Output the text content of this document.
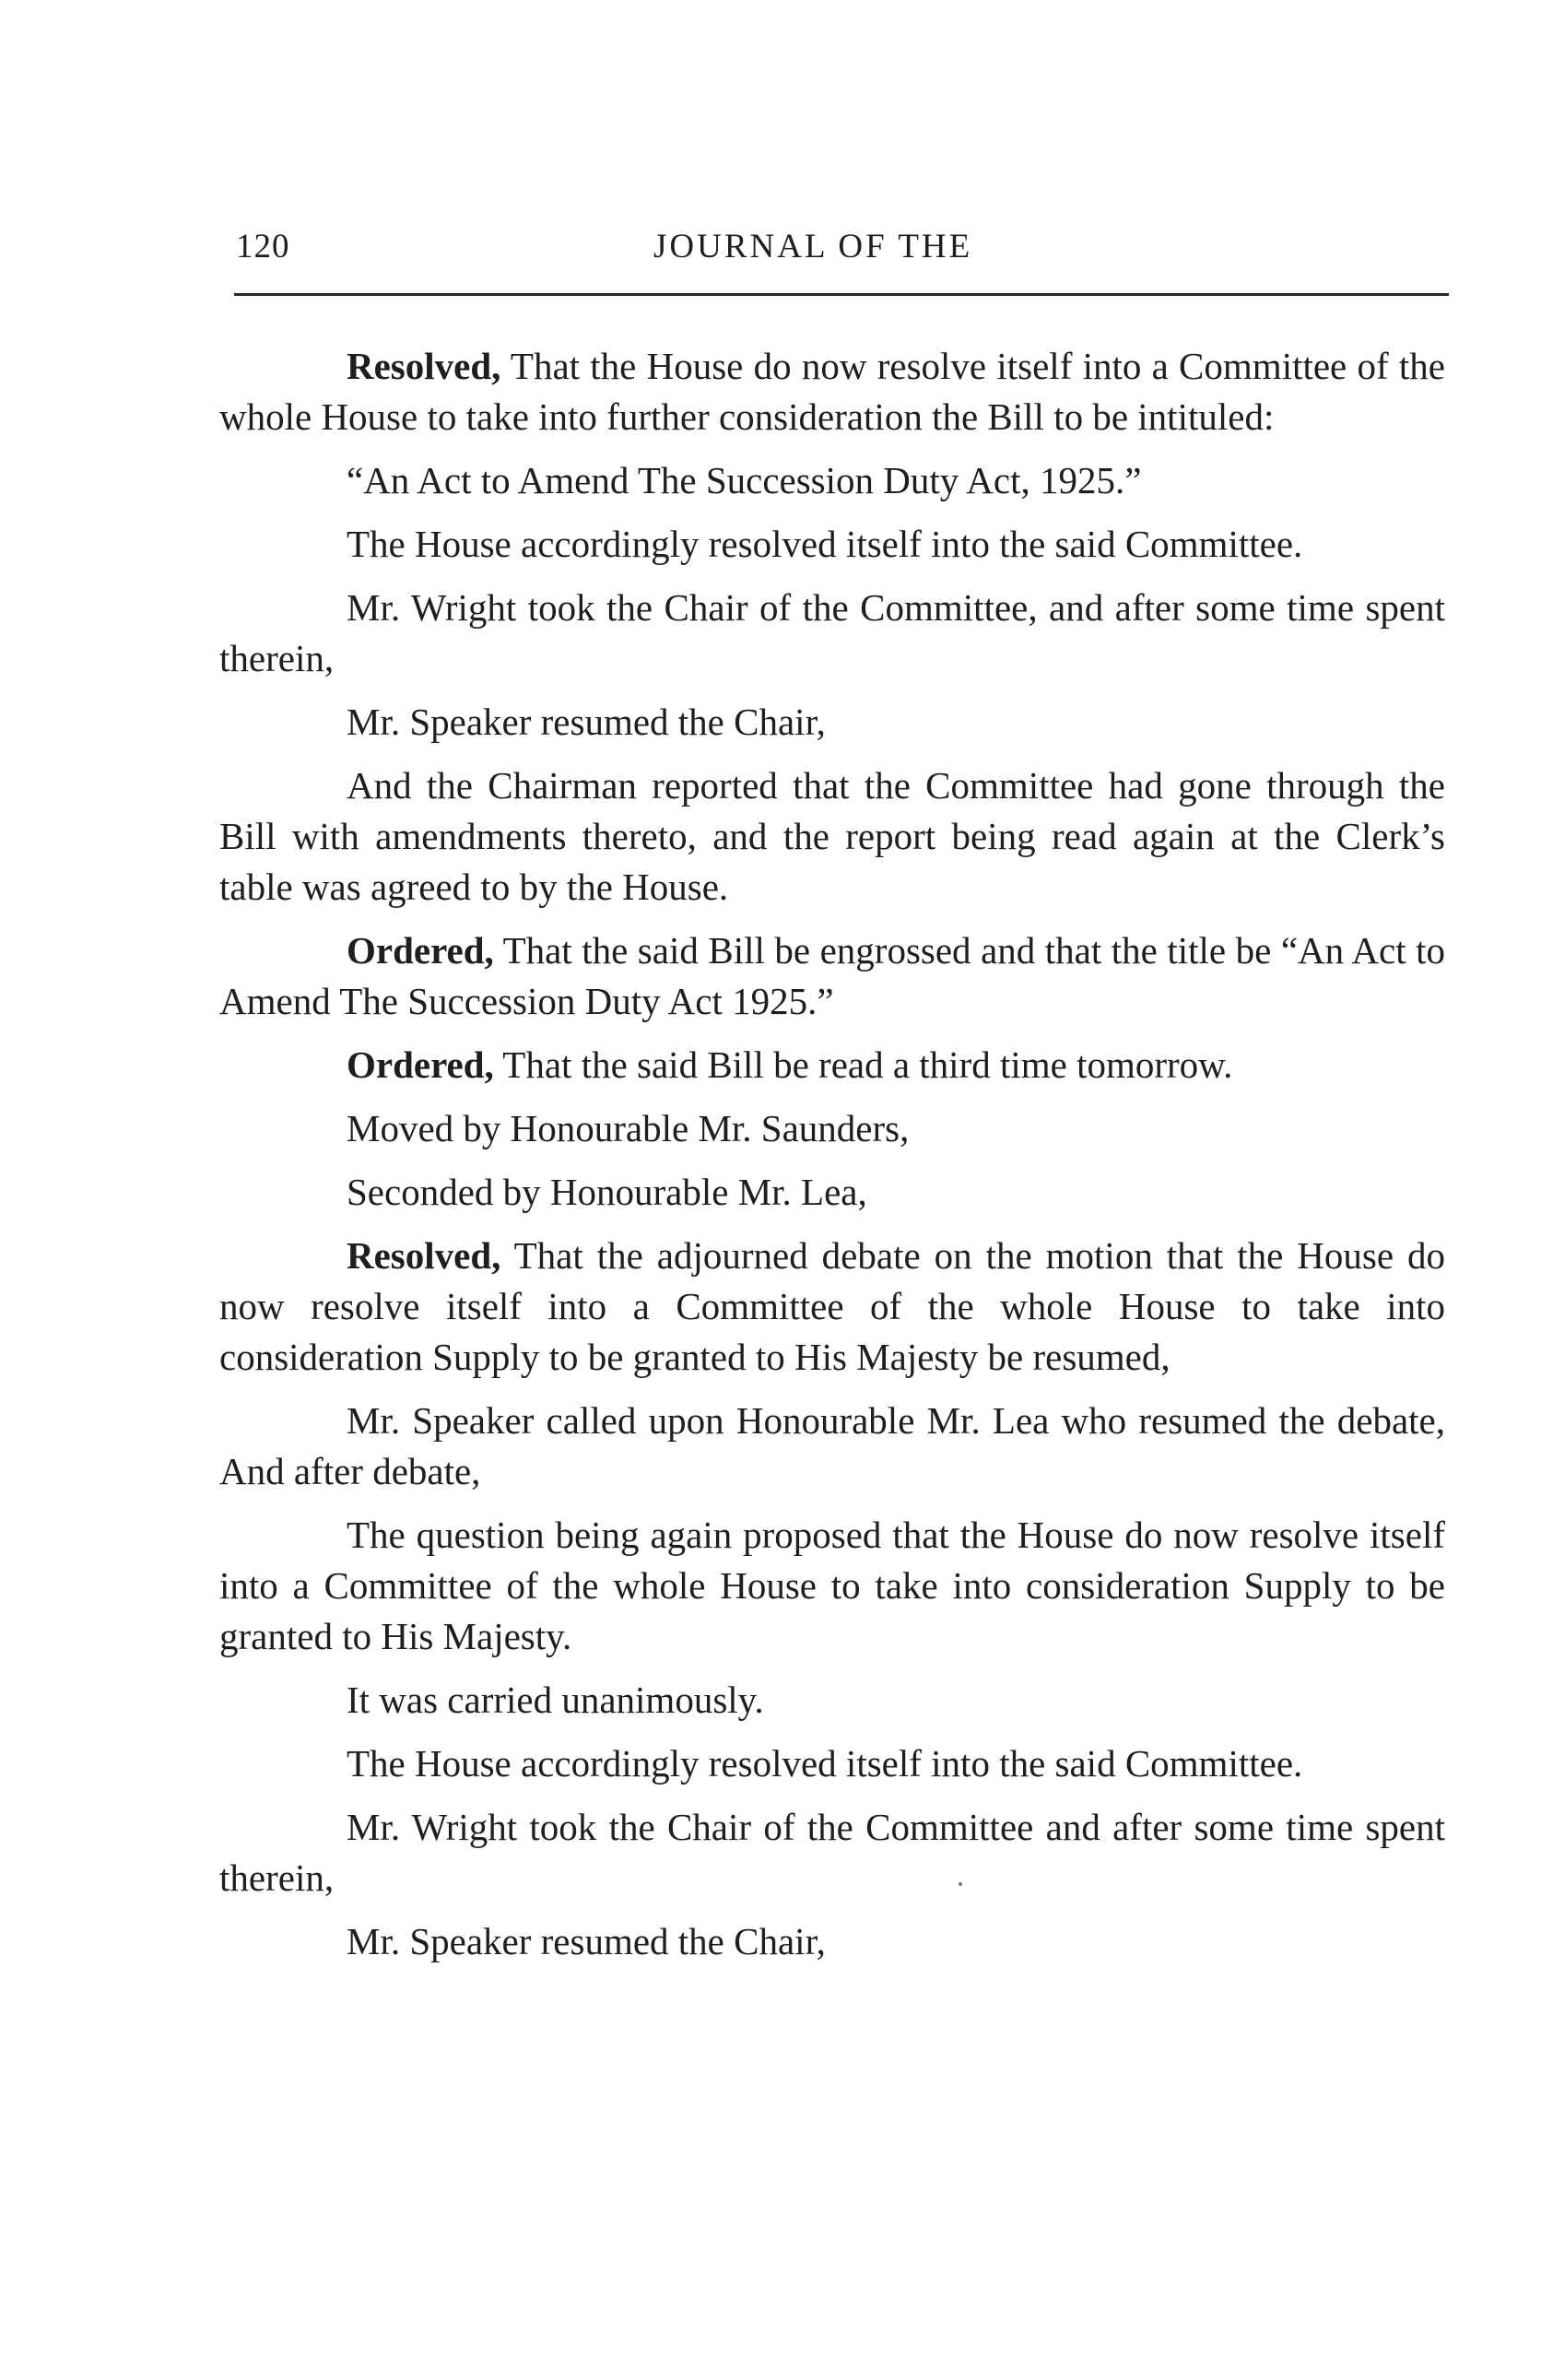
120	JOURNAL OF THE

Resolved, That the House do now resolve itself into a Committee of the whole House to take into further consideration the Bill to be intituled:

“An Act to Amend The Succession Duty Act, 1925.”

The House accordingly resolved itself into the said Committee.

Mr. Wright took the Chair of the Committee, and after some time spent therein,

Mr. Speaker resumed the Chair,

And the Chairman reported that the Committee had gone through the Bill with amendments thereto, and the report being read again at the Clerk’s table was agreed to by the House.

Ordered, That the said Bill be engrossed and that the title be “An Act to Amend The Succession Duty Act 1925.”

Ordered, That the said Bill be read a third time tomorrow.

Moved by Honourable Mr. Saunders,

Seconded by Honourable Mr. Lea,

Resolved, That the adjourned debate on the motion that the House do now resolve itself into a Committee of the whole House to take into consideration Supply to be granted to His Majesty be resumed,

Mr. Speaker called upon Honourable Mr. Lea who resumed the debate, And after debate,

The question being again proposed that the House do now resolve itself into a Committee of the whole House to take into consideration Supply to be granted to His Majesty.

It was carried unanimously.

The House accordingly resolved itself into the said Committee.

Mr. Wright took the Chair of the Committee and after some time spent therein,

Mr. Speaker resumed the Chair,
